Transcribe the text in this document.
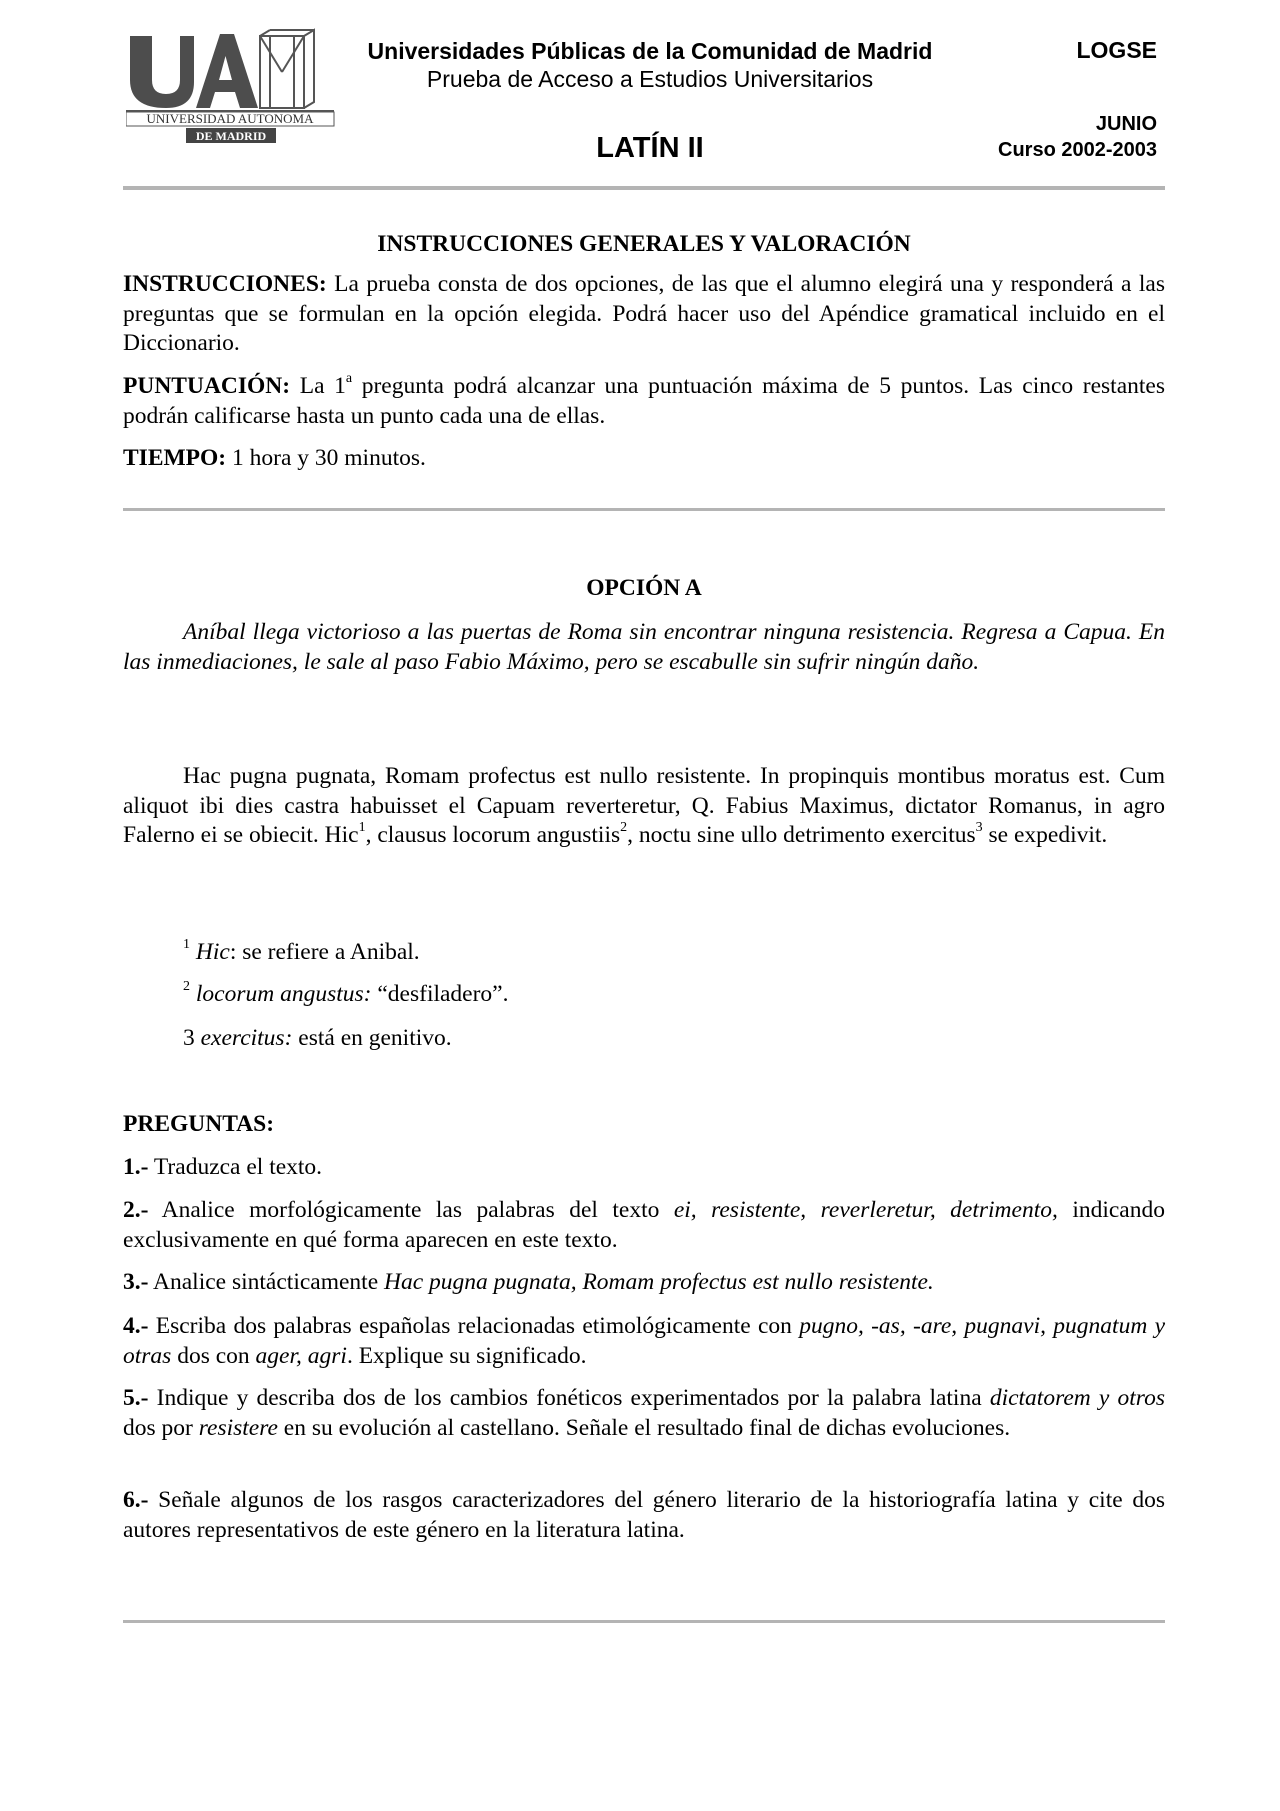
UNIVERSIDAD AUTONOMA
DE MADRID
Universidades Públicas de la Comunidad de Madrid
Prueba de Acceso a Estudios Universitarios
LOGSE
LATÍN II
JUNIO
Curso 2002-2003
INSTRUCCIONES GENERALES Y VALORACIÓN
INSTRUCCIONES: La prueba consta de dos opciones, de las que el alumno elegirá una y responderá a las preguntas que se formulan en la opción elegida. Podrá hacer uso del Apéndice gramatical incluido en el Diccionario.
PUNTUACIÓN: La 1$^a$ pregunta podrá alcanzar una puntuación máxima de 5 puntos. Las cinco restantes podrán calificarse hasta un punto cada una de ellas.
TIEMPO: 1 hora y 30 minutos.
OPCIÓN A
Aníbal llega victorioso a las puertas de Roma sin encontrar ninguna resistencia. Regresa a Capua. En las inmediaciones, le sale al paso Fabio Máximo, pero se escabulle sin sufrir ningún daño.
Hac pugna pugnata, Romam profectus est nullo resistente. In propinquis montibus moratus est. Cum aliquot ibi dies castra habuisset el Capuam reverteretur, Q. Fabius Maximus, dictator Romanus, in agro Falerno ei se obiecit. Hic$^1$, clausus locorum angustiis$^2$, noctu sine ullo detrimento exercitus$^3$ se expedivit.
$^1$ Hic: se refiere a Anibal.
$^2$ locorum angustus: “desfiladero”.
3 exercitus: está en genitivo.
PREGUNTAS:
1.- Traduzca el texto.
2.- Analice morfológicamente las palabras del texto ei, resistente, reverleretur, detrimento, indicando exclusivamente en qué forma aparecen en este texto.
3.- Analice sintácticamente Hac pugna pugnata, Romam profectus est nullo resistente.
4.- Escriba dos palabras españolas relacionadas etimológicamente con pugno, -as, -are, pugnavi, pugnatum y otras dos con ager, agri. Explique su significado.
5.- Indique y describa dos de los cambios fonéticos experimentados por la palabra latina dictatorem y otros dos por resistere en su evolución al castellano. Señale el resultado final de dichas evoluciones.
6.- Señale algunos de los rasgos caracterizadores del género literario de la historiografía latina y cite dos autores representativos de este género en la literatura latina.
